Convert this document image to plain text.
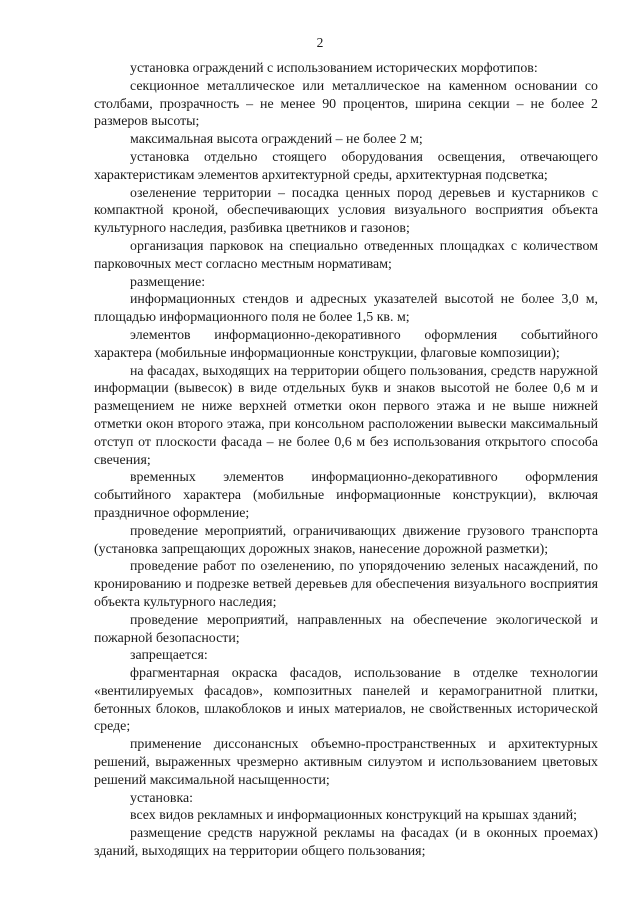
2

установка ограждений с использованием исторических морфотипов:

секционное металлическое или металлическое на каменном основании со столбами, прозрачность – не менее 90 процентов, ширина секции – не более 2 размеров высоты;

максимальная высота ограждений – не более 2 м;

установка отдельно стоящего оборудования освещения, отвечающего характеристикам элементов архитектурной среды, архитектурная подсветка;

озеленение территории – посадка ценных пород деревьев и кустарников с компактной кроной, обеспечивающих условия визуального восприятия объекта культурного наследия, разбивка цветников и газонов;

организация парковок на специально отведенных площадках с количеством парковочных мест согласно местным нормативам;

размещение:

информационных стендов и адресных указателей высотой не более 3,0 м, площадью информационного поля не более 1,5 кв. м;

элементов информационно-декоративного оформления событийного характера (мобильные информационные конструкции, флаговые композиции);

на фасадах, выходящих на территории общего пользования, средств наружной информации (вывесок) в виде отдельных букв и знаков высотой не более 0,6 м и размещением не ниже верхней отметки окон первого этажа и не выше нижней отметки окон второго этажа, при консольном расположении вывески максимальный отступ от плоскости фасада – не более 0,6 м без использования открытого способа свечения;

временных элементов информационно-декоративного оформления событийного характера (мобильные информационные конструкции), включая праздничное оформление;

проведение мероприятий, ограничивающих движение грузового транспорта (установка запрещающих дорожных знаков, нанесение дорожной разметки);

проведение работ по озеленению, по упорядочению зеленых насаждений, по кронированию и подрезке ветвей деревьев для обеспечения визуального восприятия объекта культурного наследия;

проведение мероприятий, направленных на обеспечение экологической и пожарной безопасности;

запрещается:

фрагментарная окраска фасадов, использование в отделке технологии «вентилируемых фасадов», композитных панелей и керамогранитной плитки, бетонных блоков, шлакоблоков и иных материалов, не свойственных исторической среде;

применение диссонансных объемно-пространственных и архитектурных решений, выраженных чрезмерно активным силуэтом и использованием цветовых решений максимальной насыщенности;

установка:

всех видов рекламных и информационных конструкций на крышах зданий;

размещение средств наружной рекламы на фасадах (и в оконных проемах) зданий, выходящих на территории общего пользования;
